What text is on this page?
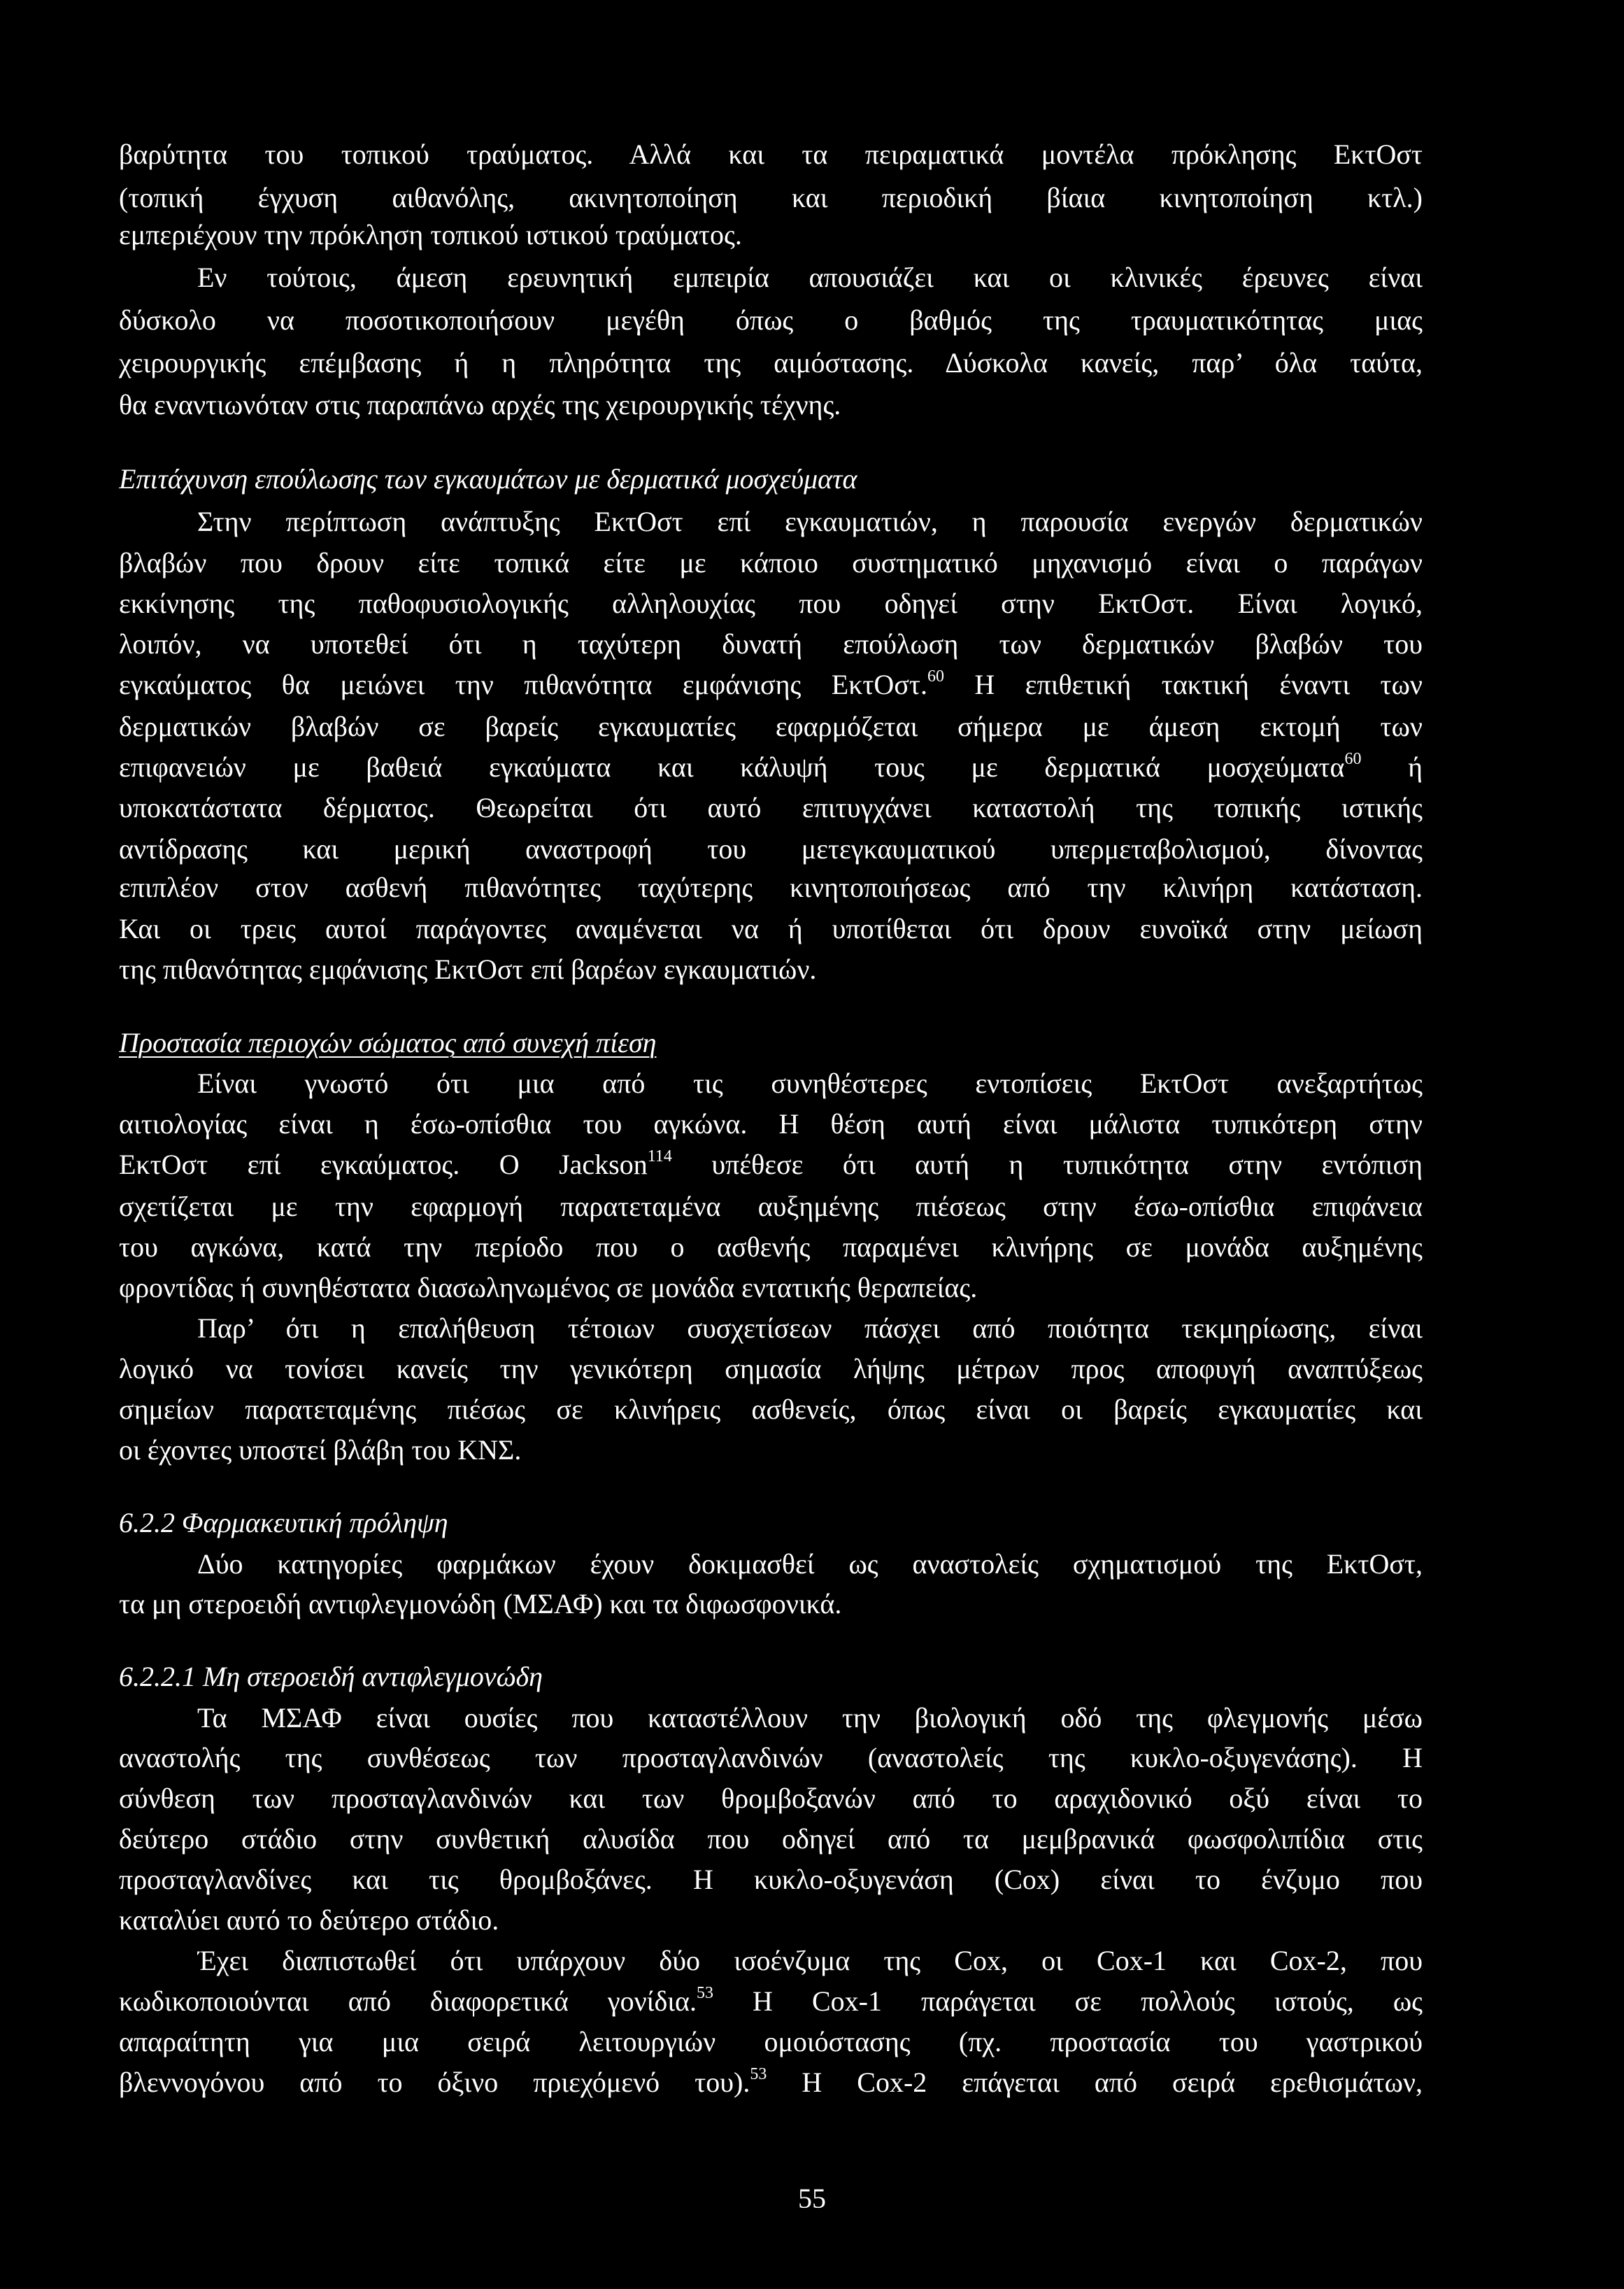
βαρύτητα του τοπικού τραύματος. Αλλά και τα πειραματικά μοντέλα πρόκλησης ΕκτΟστ
(τοπική έγχυση αιθανόλης, ακινητοποίηση και περιοδική βίαια κινητοποίηση κτλ.)
εμπεριέχουν την πρόκληση τοπικού ιστικού τραύματος.
Εν τούτοις, άμεση ερευνητική εμπειρία απουσιάζει και οι κλινικές έρευνες είναι
δύσκολο να ποσοτικοποιήσουν μεγέθη όπως ο βαθμός της τραυματικότητας μιας
χειρουργικής επέμβασης ή η πληρότητα της αιμόστασης. Δύσκολα κανείς, παρ’ όλα ταύτα,
θα εναντιωνόταν στις παραπάνω αρχές της χειρουργικής τέχνης.
Επιτάχυνση επούλωσης των εγκαυμάτων με δερματικά μοσχεύματα
Στην περίπτωση ανάπτυξης ΕκτΟστ επί εγκαυματιών, η παρουσία ενεργών δερματικών
βλαβών που δρουν είτε τοπικά είτε με κάποιο συστηματικό μηχανισμό είναι ο παράγων
εκκίνησης της παθοφυσιολογικής αλληλουχίας που οδηγεί στην ΕκτΟστ. Είναι λογικό,
λοιπόν, να υποτεθεί ότι η ταχύτερη δυνατή επούλωση των δερματικών βλαβών του
εγκαύματος θα μειώνει την πιθανότητα εμφάνισης ΕκτΟστ.$^{60}$ Η επιθετική τακτική έναντι των
δερματικών βλαβών σε βαρείς εγκαυματίες εφαρμόζεται σήμερα με άμεση εκτομή των
επιφανειών με βαθειά εγκαύματα και κάλυψή τους με δερματικά μοσχεύματα$^{60}$ ή
υποκατάστατα δέρματος. Θεωρείται ότι αυτό επιτυγχάνει καταστολή της τοπικής ιστικής
αντίδρασης και μερική αναστροφή του μετεγκαυματικού υπερμεταβολισμού, δίνοντας
επιπλέον στον ασθενή πιθανότητες ταχύτερης κινητοποιήσεως από την κλινήρη κατάσταση.
Και οι τρεις αυτοί παράγοντες αναμένεται να ή υποτίθεται ότι δρουν ευνοϊκά στην μείωση
της πιθανότητας εμφάνισης ΕκτΟστ επί βαρέων εγκαυματιών.
Προστασία περιοχών σώματος από συνεχή πίεση
Είναι γνωστό ότι μια από τις συνηθέστερες εντοπίσεις ΕκτΟστ ανεξαρτήτως
αιτιολογίας είναι η έσω-οπίσθια του αγκώνα. Η θέση αυτή είναι μάλιστα τυπικότερη στην
ΕκτΟστ επί εγκαύματος. Ο Jackson$^{114}$ υπέθεσε ότι αυτή η τυπικότητα στην εντόπιση
σχετίζεται με την εφαρμογή παρατεταμένα αυξημένης πιέσεως στην έσω-οπίσθια επιφάνεια
του αγκώνα, κατά την περίοδο που ο ασθενής παραμένει κλινήρης σε μονάδα αυξημένης
φροντίδας ή συνηθέστατα διασωληνωμένος σε μονάδα εντατικής θεραπείας.
Παρ’ ότι η επαλήθευση τέτοιων συσχετίσεων πάσχει από ποιότητα τεκμηρίωσης, είναι
λογικό να τονίσει κανείς την γενικότερη σημασία λήψης μέτρων προς αποφυγή αναπτύξεως
σημείων παρατεταμένης πιέσως σε κλινήρεις ασθενείς, όπως είναι οι βαρείς εγκαυματίες και
οι έχοντες υποστεί βλάβη του ΚΝΣ.
6.2.2 Φαρμακευτική πρόληψη
Δύο κατηγορίες φαρμάκων έχουν δοκιμασθεί ως αναστολείς σχηματισμού της ΕκτΟστ,
τα μη στεροειδή αντιφλεγμονώδη (ΜΣΑΦ) και τα διφωσφονικά.
6.2.2.1 Μη στεροειδή αντιφλεγμονώδη
Τα ΜΣΑΦ είναι ουσίες που καταστέλλουν την βιολογική οδό της φλεγμονής μέσω
αναστολής της συνθέσεως των προσταγλανδινών (αναστολείς της κυκλο-οξυγενάσης). Η
σύνθεση των προσταγλανδινών και των θρομβοξανών από το αραχιδονικό οξύ είναι το
δεύτερο στάδιο στην συνθετική αλυσίδα που οδηγεί από τα μεμβρανικά φωσφολιπίδια στις
προσταγλανδίνες και τις θρομβοξάνες. Η κυκλο-οξυγενάση (Cox) είναι το ένζυμο που
καταλύει αυτό το δεύτερο στάδιο.
Έχει διαπιστωθεί ότι υπάρχουν δύο ισοένζυμα της Cox, οι Cox-1 και Cox-2, που
κωδικοποιούνται από διαφορετικά γονίδια.$^{53}$ Η Cox-1 παράγεται σε πολλούς ιστούς, ως
απαραίτητη για μια σειρά λειτουργιών ομοιόστασης (πχ. προστασία του γαστρικού
βλεννογόνου από το όξινο πριεχόμενό του).$^{53}$ Η Cox-2 επάγεται από σειρά ερεθισμάτων,
55
